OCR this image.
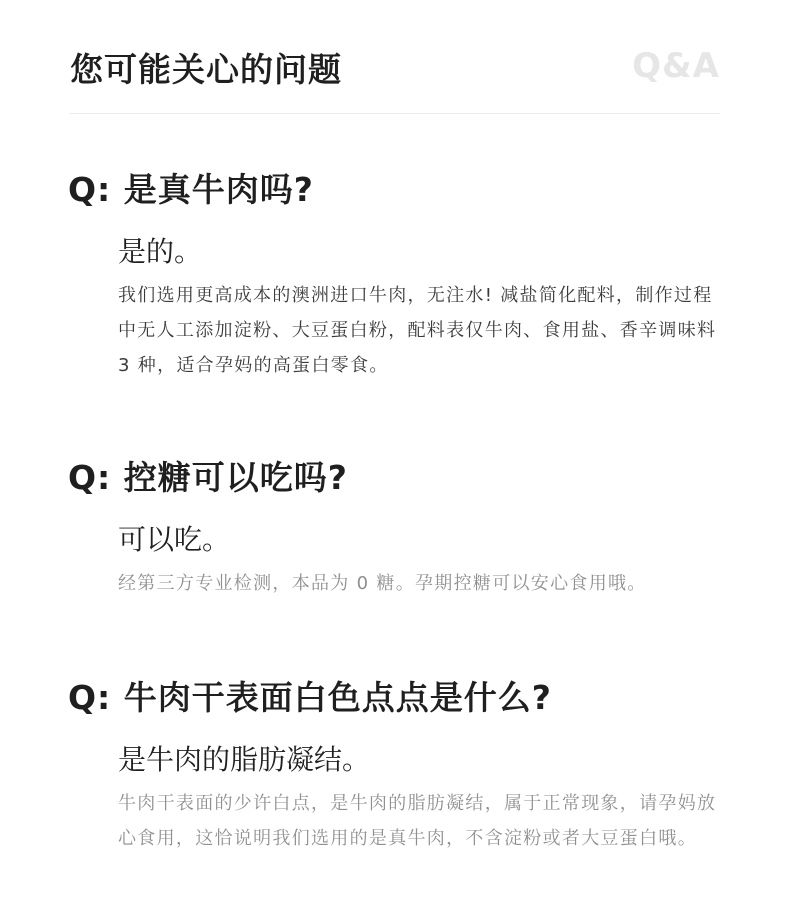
您可能关心的问题	Q&A
Q: 是真牛肉吗?
是的。
我们选用更高成本的澳洲进口牛肉，无注水! 减盐简化配料，制作过程中无人工添加淀粉、大豆蛋白粉，配料表仅牛肉、食用盐、香辛调味料 3 种，适合孕妈的高蛋白零食。
Q: 控糖可以吃吗?
可以吃。
经第三方专业检测，本品为 0 糖。孕期控糖可以安心食用哦。
Q: 牛肉干表面白色点点是什么?
是牛肉的脂肪凝结。
牛肉干表面的少许白点，是牛肉的脂肪凝结，属于正常现象，请孕妈放心食用，这恰说明我们选用的是真牛肉，不含淀粉或者大豆蛋白哦。
